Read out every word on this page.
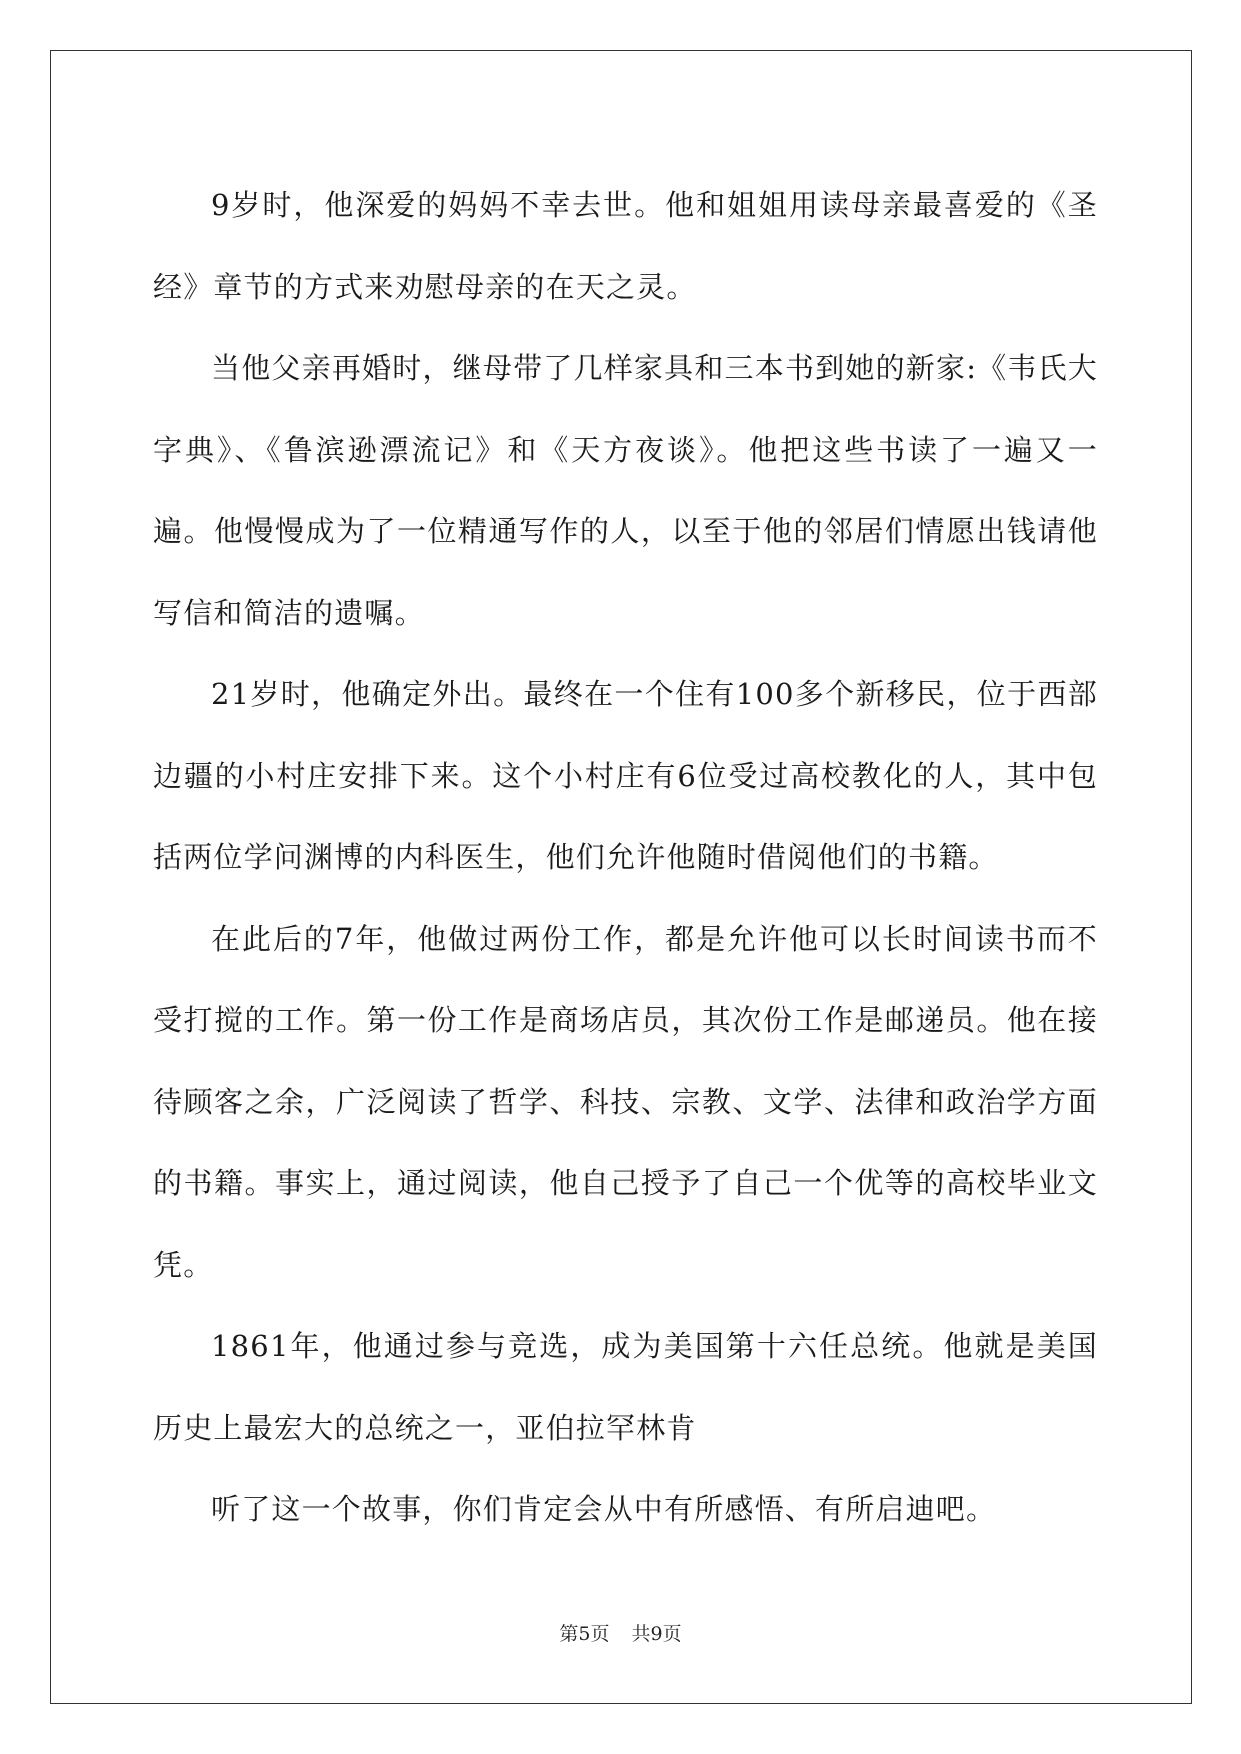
9岁时，他深爱的妈妈不幸去世。他和姐姐用读母亲最喜爱的《圣经》章节的方式来劝慰母亲的在天之灵。

当他父亲再婚时，继母带了几样家具和三本书到她的新家:《韦氏大字典》、《鲁滨逊漂流记》和《天方夜谈》。他把这些书读了一遍又一遍。他慢慢成为了一位精通写作的人，以至于他的邻居们情愿出钱请他写信和简洁的遗嘱。

21岁时，他确定外出。最终在一个住有100多个新移民，位于西部边疆的小村庄安排下来。这个小村庄有6位受过高校教化的人，其中包括两位学问渊博的内科医生，他们允许他随时借阅他们的书籍。

在此后的7年，他做过两份工作，都是允许他可以长时间读书而不受打搅的工作。第一份工作是商场店员，其次份工作是邮递员。他在接待顾客之余，广泛阅读了哲学、科技、宗教、文学、法律和政治学方面的书籍。事实上，通过阅读，他自己授予了自己一个优等的高校毕业文凭。

1861年，他通过参与竞选，成为美国第十六任总统。他就是美国历史上最宏大的总统之一，亚伯拉罕林肯

听了这一个故事，你们肯定会从中有所感悟、有所启迪吧。

第5页 共9页
